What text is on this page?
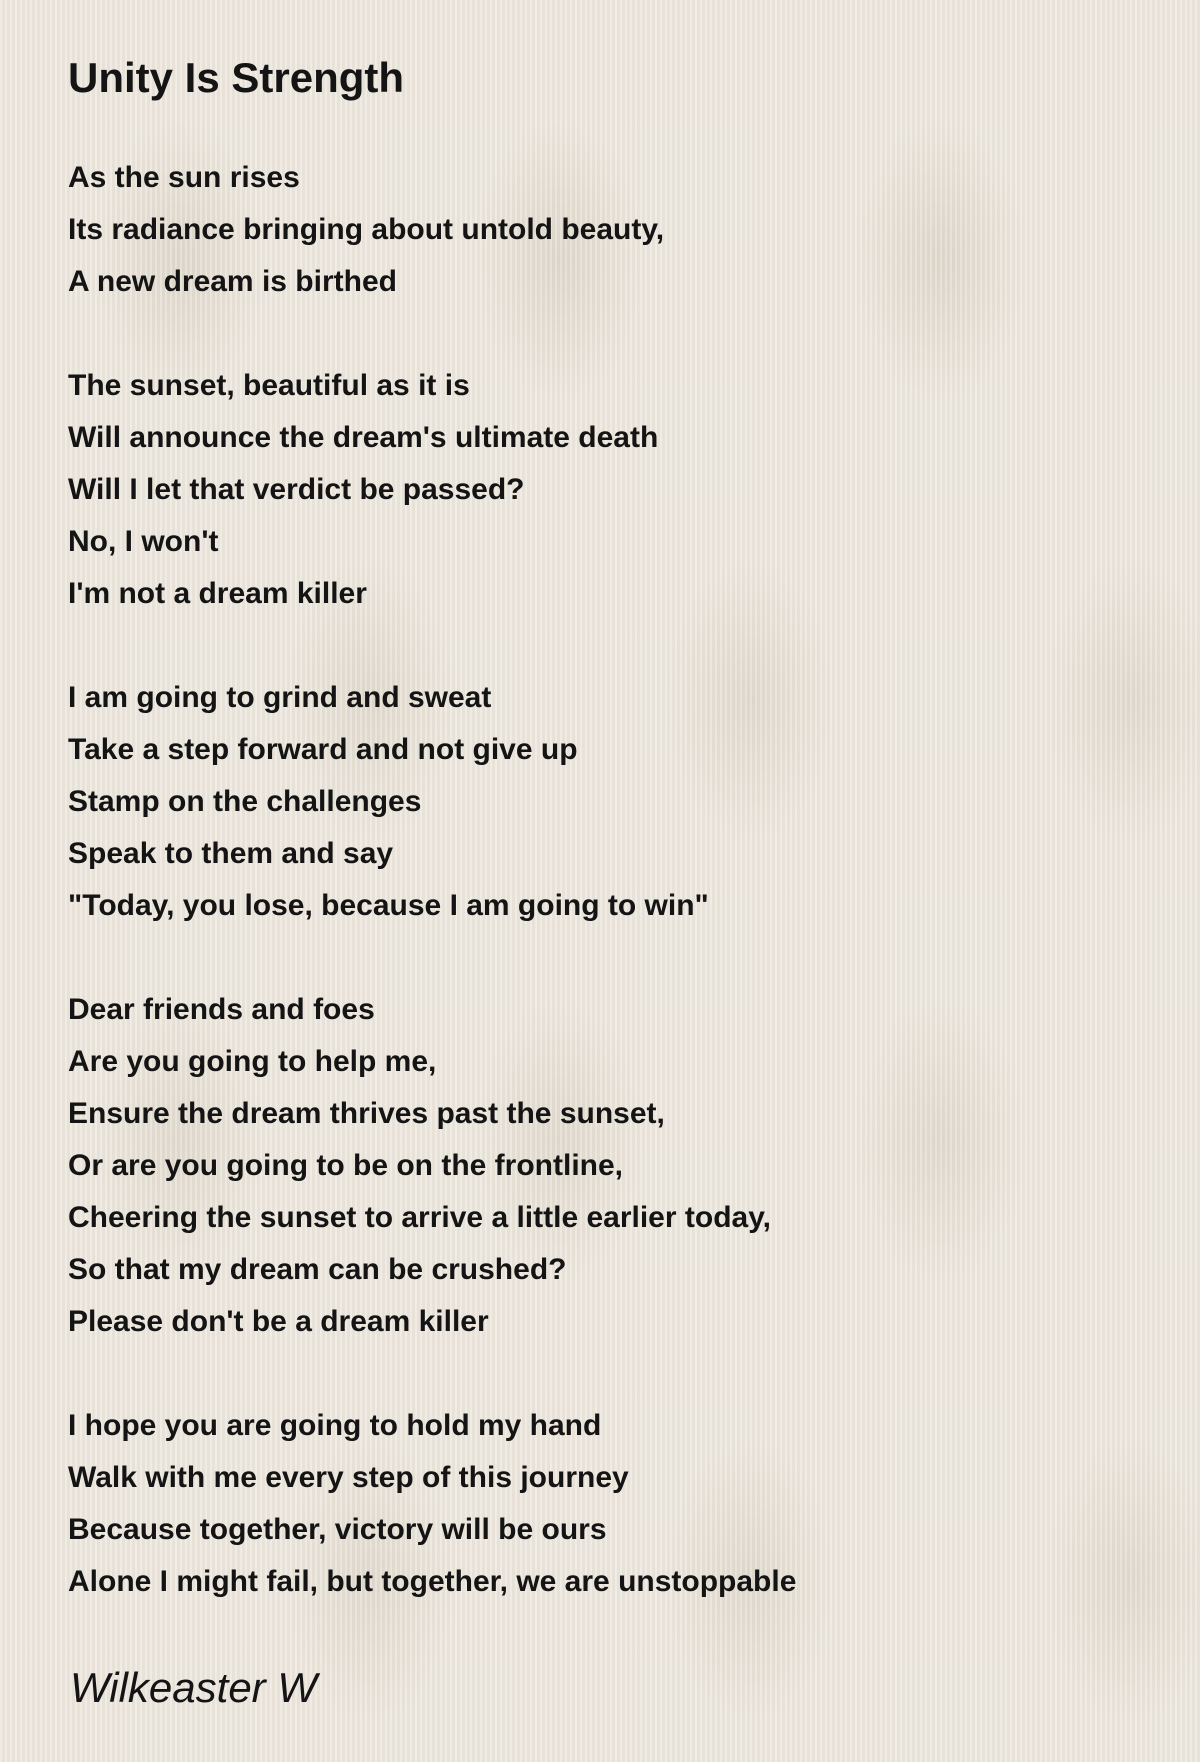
Unity Is Strength
As the sun rises
Its radiance bringing about untold beauty,
A new dream is birthed
The sunset, beautiful as it is
Will announce the dream's ultimate death
Will I let that verdict be passed?
No, I won't
I'm not a dream killer
I am going to grind and sweat
Take a step forward and not give up
Stamp on the challenges
Speak to them and say
"Today, you lose, because I am going to win"
Dear friends and foes
Are you going to help me,
Ensure the dream thrives past the sunset,
Or are you going to be on the frontline,
Cheering the sunset to arrive a little earlier today,
So that my dream can be crushed?
Please don't be a dream killer
I hope you are going to hold my hand
Walk with me every step of this journey
Because together, victory will be ours
Alone I might fail, but together, we are unstoppable
Wilkeaster W
